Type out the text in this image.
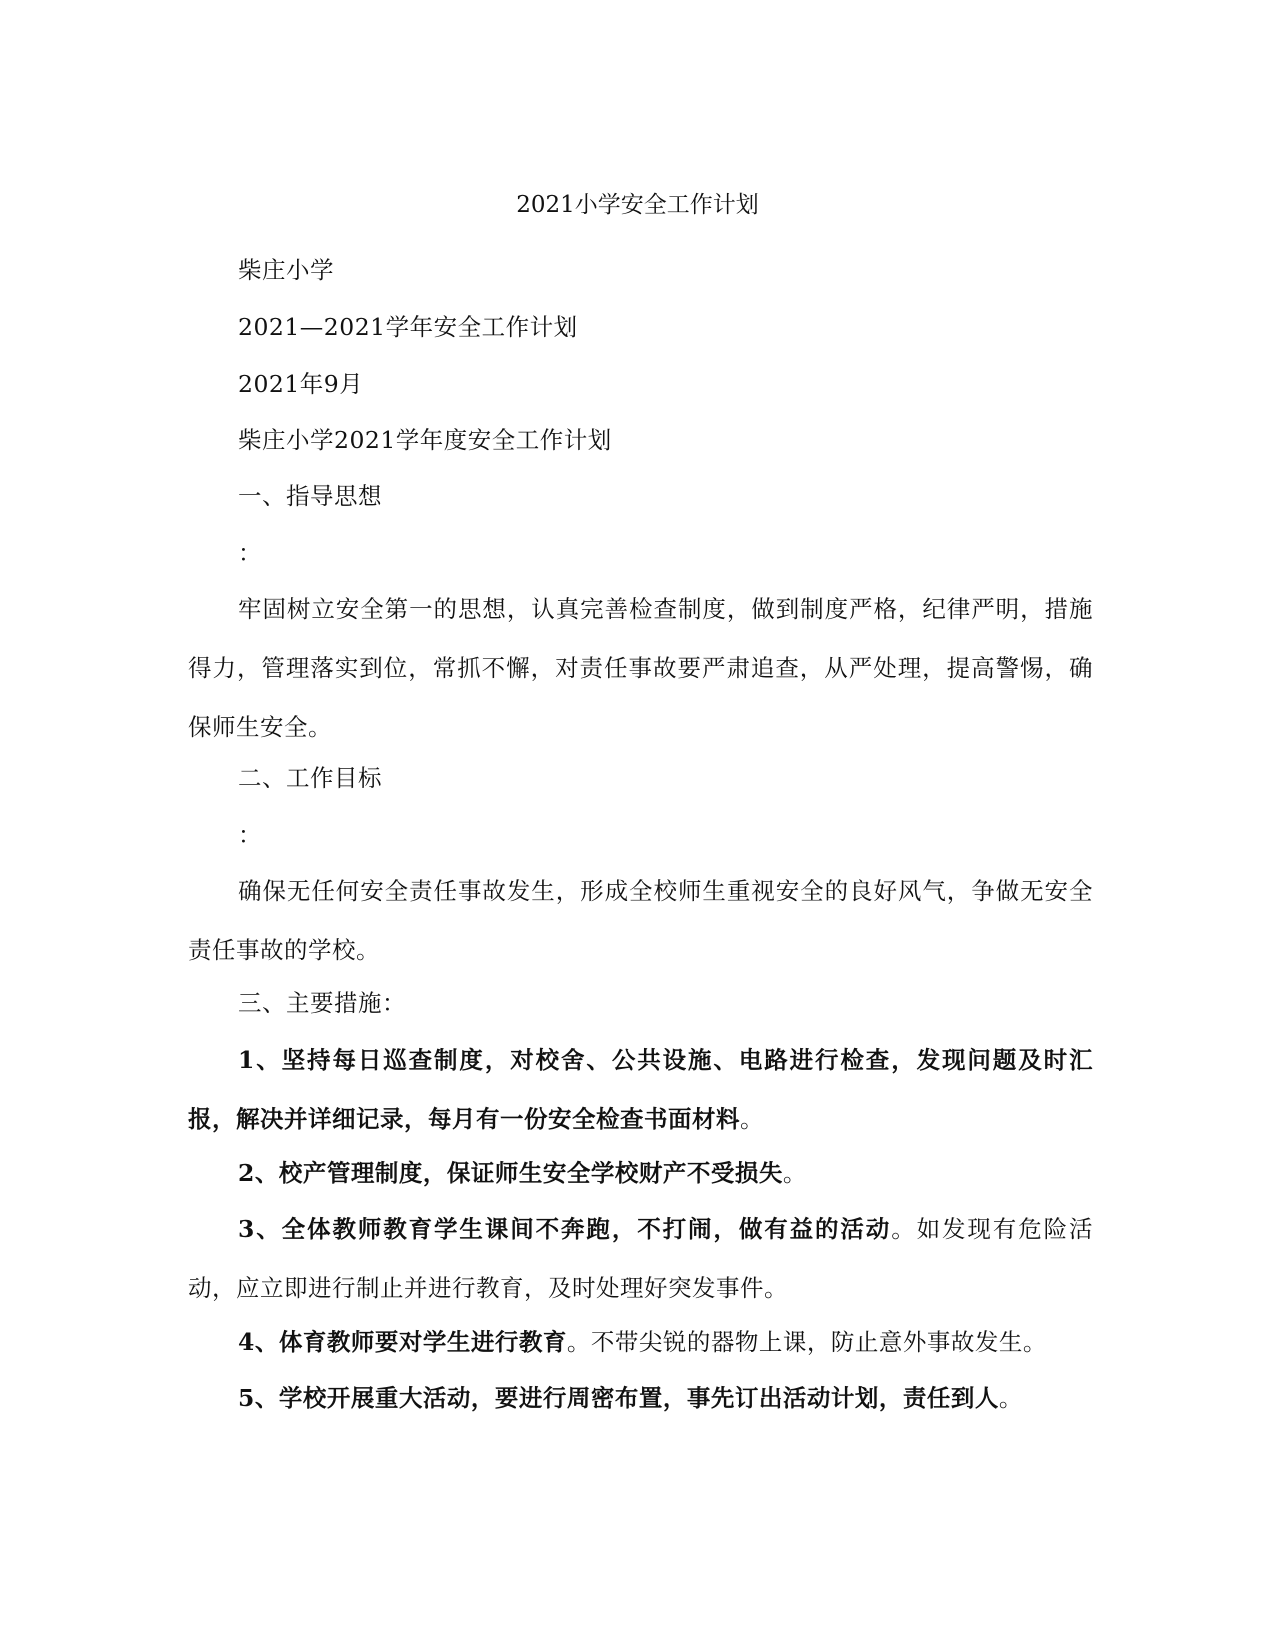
2021小学安全工作计划
柴庄小学
2021—2021学年安全工作计划
2021年9月
柴庄小学2021学年度安全工作计划
一、指导思想
：
牢固树立安全第一的思想，认真完善检查制度，做到制度严格，纪律严明，措施得力，管理落实到位，常抓不懈，对责任事故要严肃追查，从严处理，提高警惕，确保师生安全。
二、工作目标
：
确保无任何安全责任事故发生，形成全校师生重视安全的良好风气，争做无安全责任事故的学校。
三、主要措施：
1、坚持每日巡查制度，对校舍、公共设施、电路进行检查，发现问题及时汇报，解决并详细记录，每月有一份安全检查书面材料。
2、校产管理制度，保证师生安全学校财产不受损失。
3、全体教师教育学生课间不奔跑，不打闹，做有益的活动。如发现有危险活动，应立即进行制止并进行教育，及时处理好突发事件。
4、体育教师要对学生进行教育。不带尖锐的器物上课，防止意外事故发生。
5、学校开展重大活动，要进行周密布置，事先订出活动计划，责任到人。
